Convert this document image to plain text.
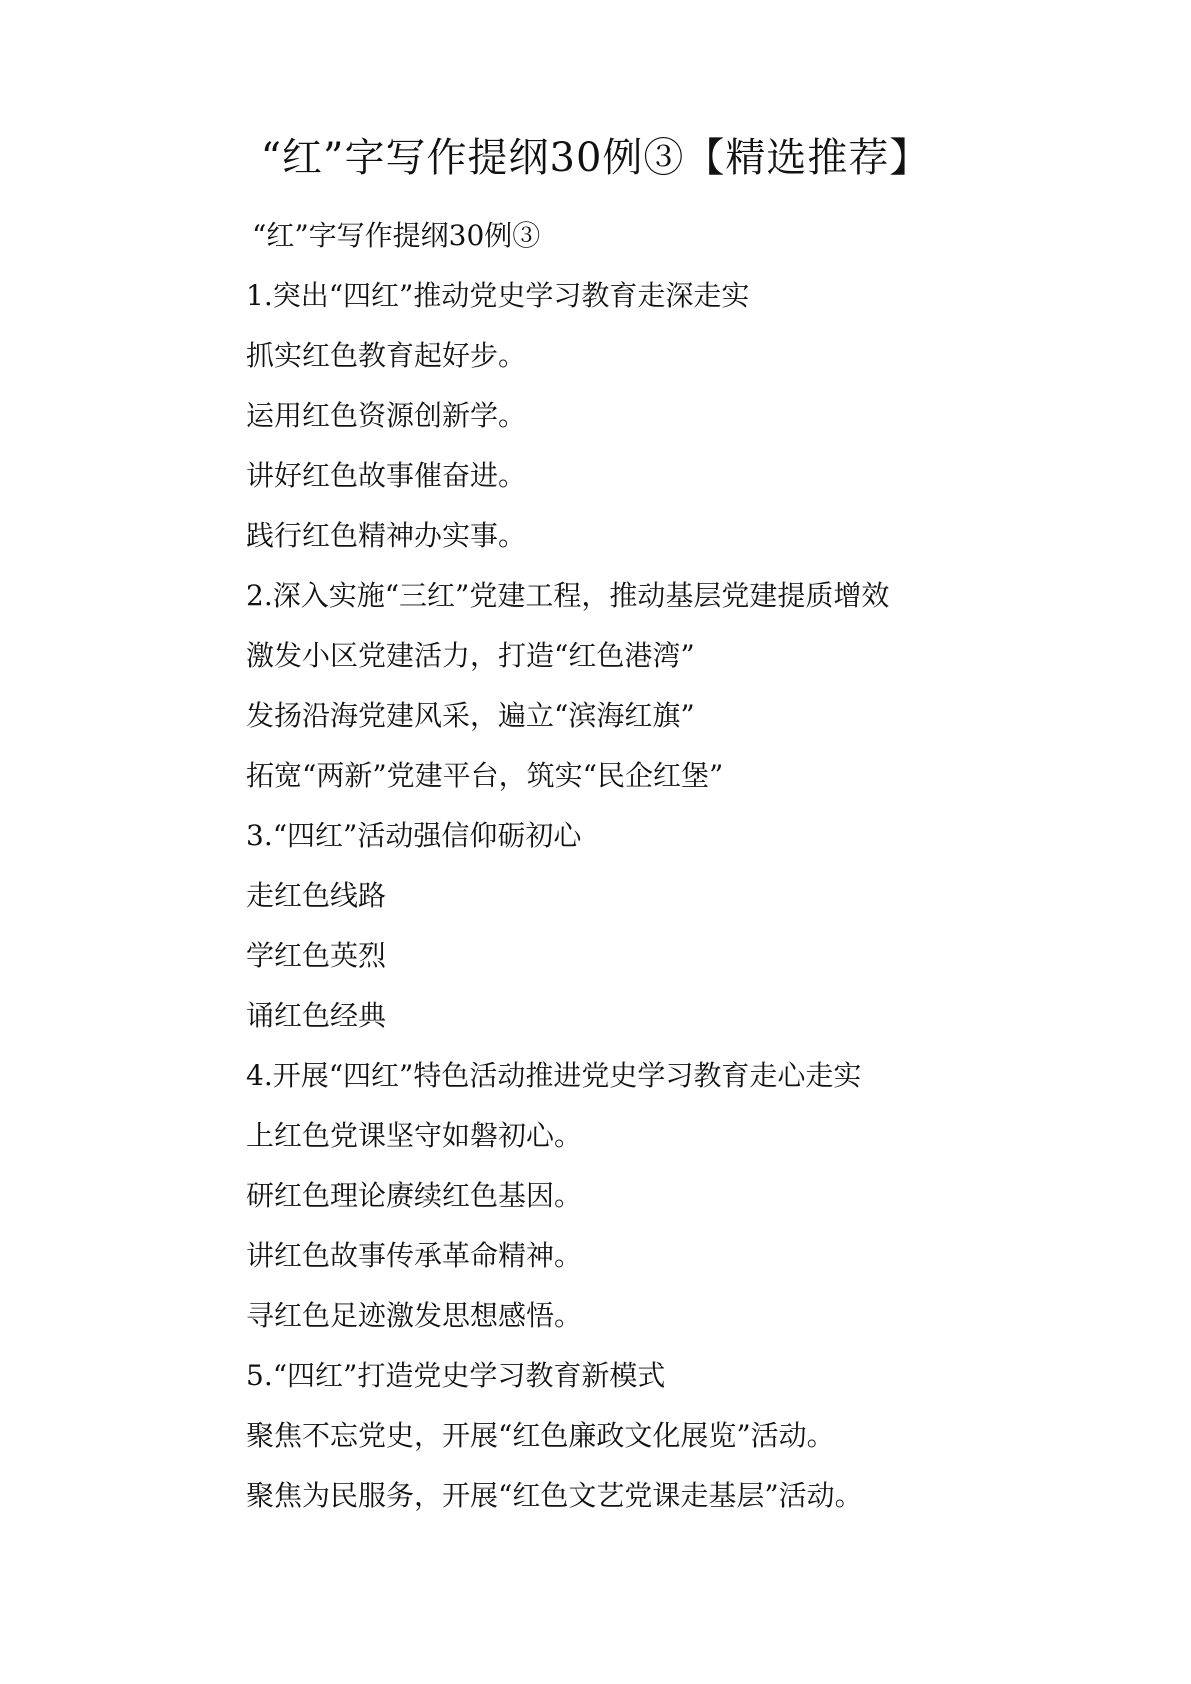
“红”字写作提纲30例③【精选推荐】

“红”字写作提纲30例③

1.突出“四红”推动党史学习教育走深走实

抓实红色教育起好步。

运用红色资源创新学。

讲好红色故事催奋进。

践行红色精神办实事。

2.深入实施“三红”党建工程，推动基层党建提质增效

激发小区党建活力，打造“红色港湾”

发扬沿海党建风采，遍立“滨海红旗”

拓宽“两新”党建平台，筑实“民企红堡”

3.“四红”活动强信仰砺初心

走红色线路

学红色英烈

诵红色经典

4.开展“四红”特色活动推进党史学习教育走心走实

上红色党课坚守如磐初心。

研红色理论赓续红色基因。

讲红色故事传承革命精神。

寻红色足迹激发思想感悟。

5.“四红”打造党史学习教育新模式

聚焦不忘党史，开展“红色廉政文化展览”活动。

聚焦为民服务，开展“红色文艺党课走基层”活动。
